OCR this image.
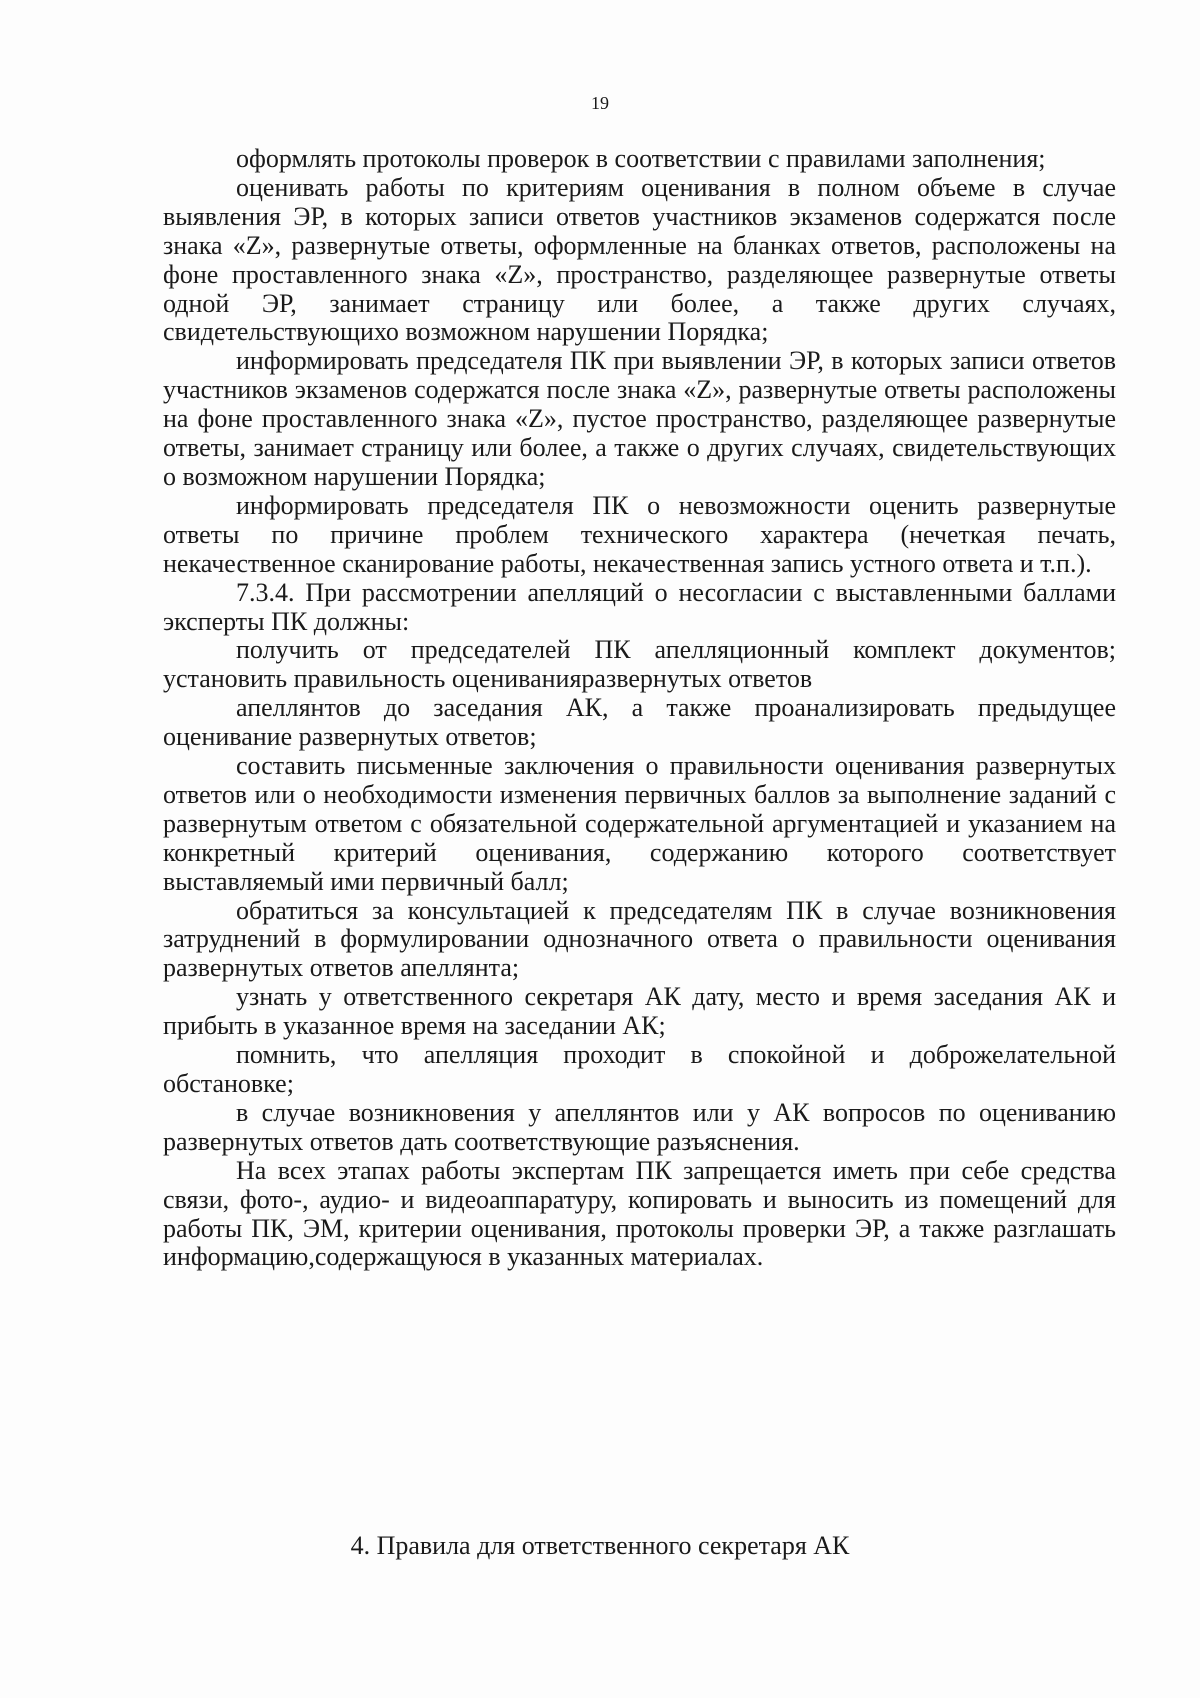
19

оформлять протоколы проверок в соответствии с правилами заполнения;

оценивать работы по критериям оценивания в полном объеме в случае выявления ЭР, в которых записи ответов участников экзаменов содержатся после знака «Z», развернутые ответы, оформленные на бланках ответов, расположены на фоне проставленного знака «Z», пространство, разделяющее развернутые ответы одной ЭР, занимает страницу или более, а также других случаях, свидетельствующихо возможном нарушении Порядка;

информировать председателя ПК при выявлении ЭР, в которых записи ответов участников экзаменов содержатся после знака «Z», развернутые ответы расположены на фоне проставленного знака «Z», пустое пространство, разделяющее развернутые ответы, занимает страницу или более, а также о других случаях, свидетельствующих о возможном нарушении Порядка;

информировать председателя ПК о невозможности оценить развернутые ответы по причине проблем технического характера (нечеткая печать, некачественное сканирование работы, некачественная запись устного ответа и т.п.).

7.3.4. При рассмотрении апелляций о несогласии с выставленными баллами эксперты ПК должны:

получить от председателей ПК апелляционный комплект документов; установить правильность оцениванияразвернутых ответов

апеллянтов до заседания АК, а также проанализировать предыдущее оценивание развернутых ответов;

составить письменные заключения о правильности оценивания развернутых ответов или о необходимости изменения первичных баллов за выполнение заданий с развернутым ответом с обязательной содержательной аргументацией и указанием на конкретный критерий оценивания, содержанию которого соответствует выставляемый ими первичный балл;

обратиться за консультацией к председателям ПК в случае возникновения затруднений в формулировании однозначного ответа о правильности оценивания развернутых ответов апеллянта;

узнать у ответственного секретаря АК дату, место и время заседания АК и прибыть в указанное время на заседании АК;

помнить, что апелляция проходит в спокойной и доброжелательной обстановке;

в случае возникновения у апеллянтов или у АК вопросов по оцениванию развернутых ответов дать соответствующие разъяснения.

На всех этапах работы экспертам ПК запрещается иметь при себе средства связи, фото-, аудио- и видеоаппаратуру, копировать и выносить из помещений для работы ПК, ЭМ, критерии оценивания, протоколы проверки ЭР, а также разглашать информацию,содержащуюся в указанных материалах.

4. Правила для ответственного секретаря АК
